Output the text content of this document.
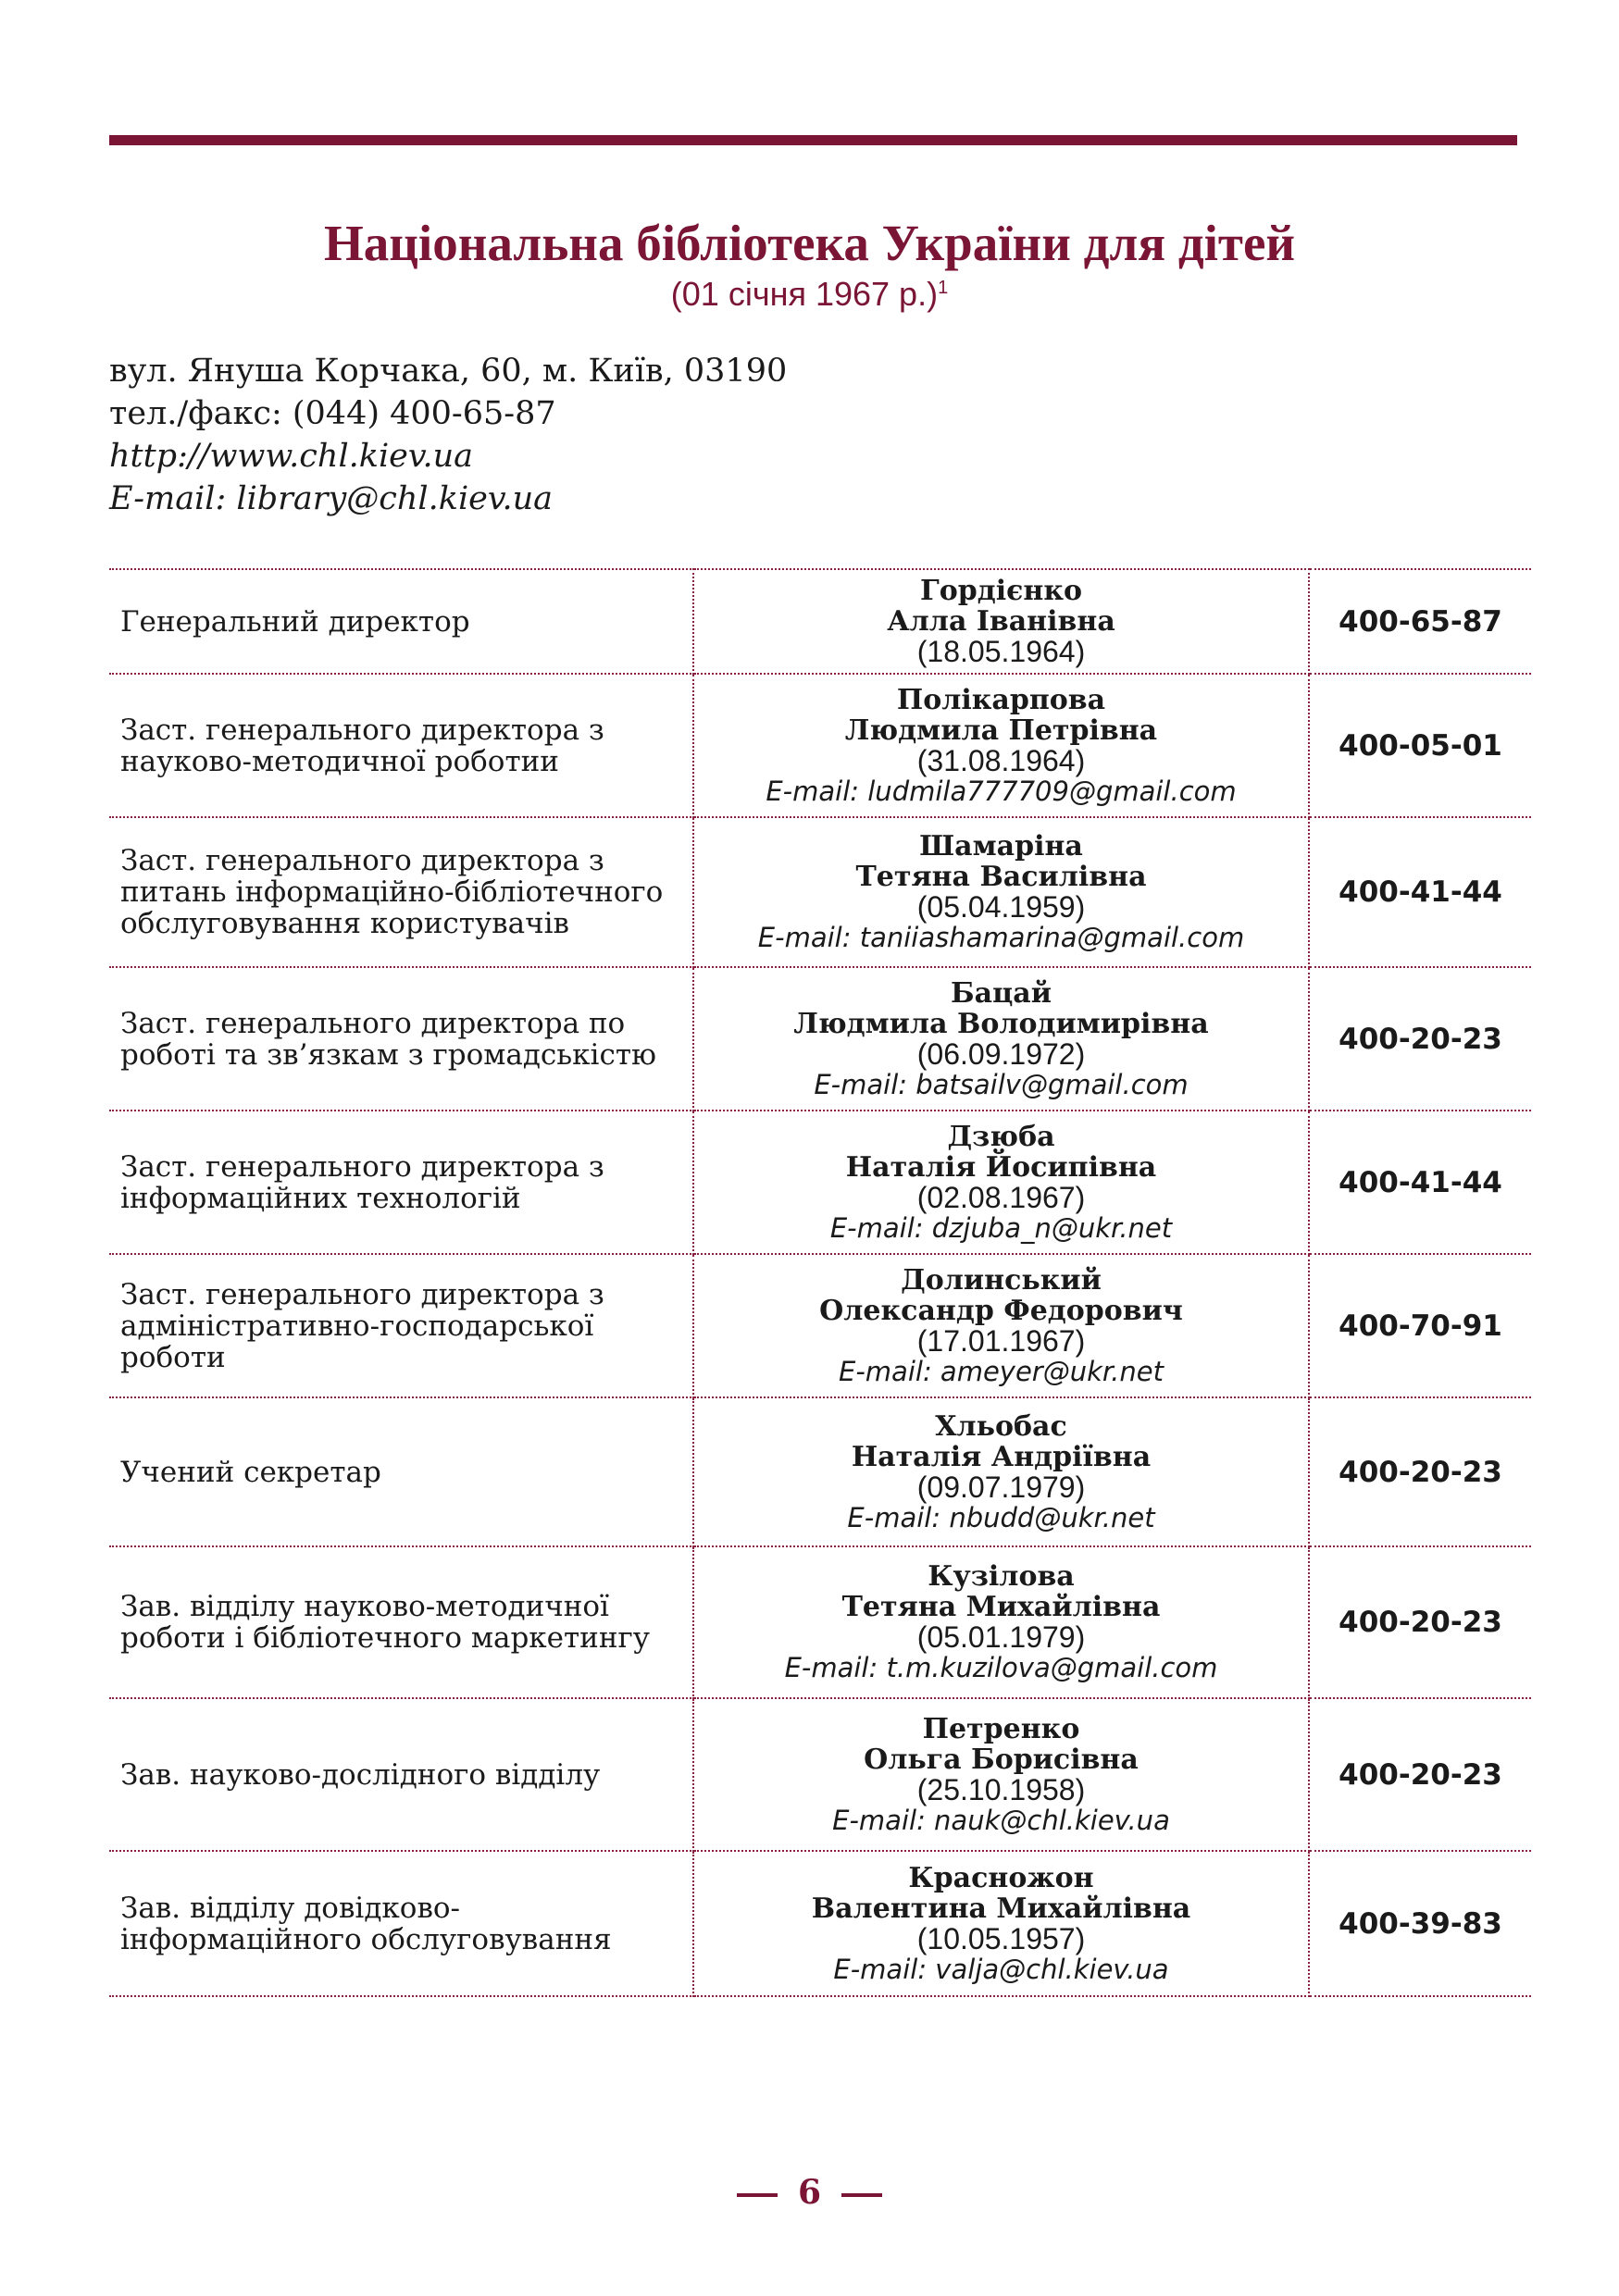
Національна бібліотека України для дітей

(01 січня 1967 р.)$^1$

вул. Януша Корчака, 60, м. Київ, 03190
тел./факс: (044) 400-65-87
http://www.chl.kiev.ua
E-mail: library@chl.kiev.ua
Генеральний директор	Гордієнко
Алла Іванівна
(18.05.1964)	400-65-87
Заст. генерального директора з науково-методичної роботии	Полікарпова
Людмила Петрівна
(31.08.1964)
E-mail: ludmila777709@gmail.com	400-05-01
Заст. генерального директора з питань інформаційно-бібліотечного обслуговування користувачів	Шамаріна
Тетяна Василівна
(05.04.1959)
E-mail: taniiashamarina@gmail.com	400-41-44
Заст. генерального директора по роботі та зв’язкам з громадськістю	Бацай
Людмила Володимирівна
(06.09.1972)
E-mail: batsailv@gmail.com	400-20-23
Заст. генерального директора з інформаційних технологій	Дзюба
Наталія Йосипівна
(02.08.1967)
E-mail: dzjuba_n@ukr.net	400-41-44
Заст. генерального директора з адміністративно-господарської роботи	Долинський
Олександр Федорович
(17.01.1967)
E-mail: ameyer@ukr.net	400-70-91
Учений секретар	Хльобас
Наталія Андріївна
(09.07.1979)
E-mail: nbudd@ukr.net	400-20-23
Зав. відділу науково-методичної роботи і бібліотечного маркетингу	Кузілова
Тетяна Михайлівна
(05.01.1979)
E-mail: t.m.kuzilova@gmail.com	400-20-23
Зав. науково-дослідного відділу	Петренко
Ольга Борисівна
(25.10.1958)
E-mail: nauk@chl.kiev.ua	400-20-23
Зав. відділу довідково-інформаційного обслуговування	Красножон
Валентина Михайлівна
(10.05.1957)
E-mail: valja@chl.kiev.ua	400-39-83
6
